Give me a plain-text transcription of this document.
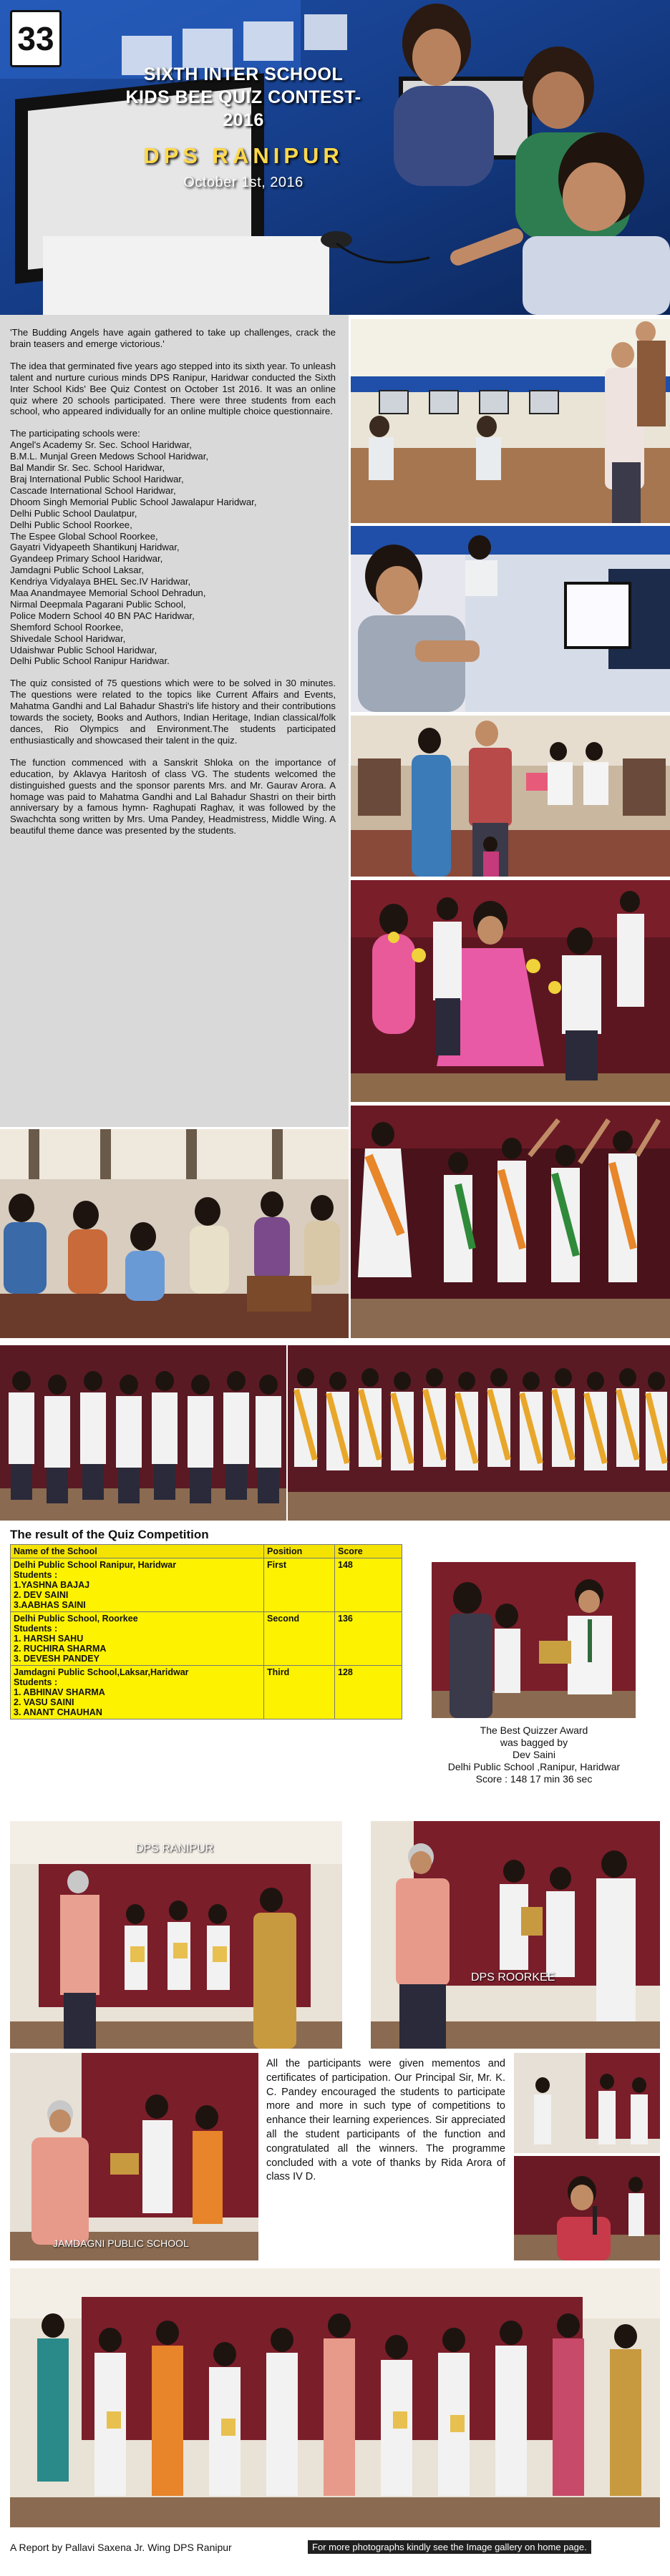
33
SIXTH INTER SCHOOL
KIDS BEE QUIZ CONTEST-2016
DPS RANIPUR
October 1st, 2016

'The Budding Angels have again gathered to take up challenges, crack the brain teasers and emerge victorious.'

The idea that germinated five years ago stepped into its sixth year. To unleash talent and nurture curious minds DPS Ranipur, Haridwar conducted the Sixth Inter School Kids' Bee Quiz Contest on October 1st 2016. It was an online quiz where 20 schools participated. There were three students from each school, who appeared individually for an online multiple choice questionnaire.

The participating schools were:
Angel's Academy Sr. Sec. School Haridwar,
B.M.L. Munjal Green Medows School Haridwar,
Bal Mandir Sr. Sec. School Haridwar,
Braj International Public School Haridwar,
Cascade International School Haridwar,
Dhoom Singh Memorial Public School Jawalapur Haridwar,
Delhi Public School Daulatpur,
Delhi Public School Roorkee,
The Espee Global School Roorkee,
Gayatri Vidyapeeth Shantikunj Haridwar,
Gyandeep Primary School Haridwar,
Jamdagni Public School Laksar,
Kendriya Vidyalaya BHEL Sec.IV Haridwar,
Maa Anandmayee Memorial School Dehradun,
Nirmal Deepmala Pagarani Public School,
Police Modern School 40 BN PAC Haridwar,
Shemford School Roorkee,
Shivedale School Haridwar,
Udaishwar Public School Haridwar,
Delhi Public School Ranipur Haridwar.

The quiz consisted of 75 questions which were to be solved in 30 minutes. The questions were related to the topics like Current Affairs and Events, Mahatma Gandhi and Lal Bahadur Shastri's life history and their contributions towards the society, Books and Authors, Indian Heritage, Indian classical/folk dances, Rio Olympics and Environment.The students participated enthusiastically and showcased their talent in the quiz.

The function commenced with a Sanskrit Shloka on the importance of education, by Aklavya Haritosh of class VG. The students welcomed the distinguished guests and the sponsor parents Mrs. and Mr. Gaurav Arora. A homage was paid to Mahatma Gandhi and Lal Bahadur Shastri on their birth anniversary by a famous hymn- Raghupati Raghav, it was followed by the Swachchta song written by Mrs. Uma Pandey, Headmistress, Middle Wing. A beautiful theme dance was presented by the students.

The result of the Quiz Competition
Name of the School	Position	Score

Delhi Public School Ranipur, Haridwar
Students :
1.YASHNA BAJAJ
2. DEV SAINI
3.AABHAS SAINI	First	148

Delhi Public School, Roorkee
Students :
1. HARSH SAHU
2. RUCHIRA SHARMA
3. DEVESH PANDEY	Second	136

Jamdagni Public School,Laksar,Haridwar
Students :
1. ABHINAV SHARMA
2. VASU SAINI
3. ANANT CHAUHAN	Third	128
The Best Quizzer Award
was bagged by
Dev Saini
Delhi Public School ,Ranipur, Haridwar
Score : 148 17 min 36 sec
DPS RANIPUR
DPS ROORKEE
JAMDAGNI PUBLIC SCHOOL
All the participants were given mementos and certificates of participation. Our Principal Sir, Mr. K. C. Pandey encouraged the students to participate more and more in such type of competitions to enhance their learning experiences. Sir appreciated all the student participants of the function and congratulated all the winners. The programme concluded with a vote of thanks by Rida Arora of class IV D.
A Report by Pallavi Saxena Jr. Wing DPS Ranipur	For more photographs kindly see the Image gallery on home page.
